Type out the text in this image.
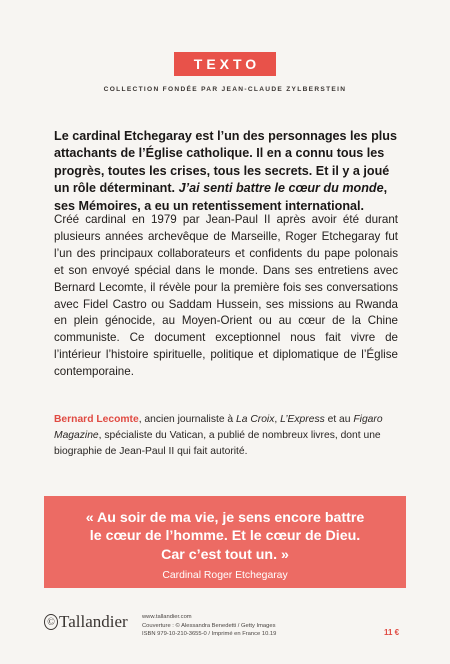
TEXTO
COLLECTION FONDÉE PAR JEAN-CLAUDE ZYLBERSTEIN

Le cardinal Etchegaray est l’un des personnages les plus attachants de l’Église catholique. Il en a connu tous les progrès, toutes les crises, tous les secrets. Et il y a joué un rôle déterminant. J’ai senti battre le cœur du monde, ses Mémoires, a eu un retentissement international.

Créé cardinal en 1979 par Jean-Paul II après avoir été durant plusieurs années archevêque de Marseille, Roger Etchegaray fut l’un des principaux collaborateurs et confidents du pape polonais et son envoyé spécial dans le monde. Dans ses entretiens avec Bernard Lecomte, il révèle pour la première fois ses conversations avec Fidel Castro ou Saddam Hussein, ses missions au Rwanda en plein génocide, au Moyen-Orient ou au cœur de la Chine communiste. Ce document exceptionnel nous fait vivre de l’intérieur l’histoire spirituelle, politique et diplomatique de l’Église contemporaine.

Bernard Lecomte, ancien journaliste à La Croix, L’Express et au Figaro Magazine, spécialiste du Vatican, a publié de nombreux livres, dont une biographie de Jean-Paul II qui fait autorité.

« Au soir de ma vie, je sens encore battre
le cœur de l’homme. Et le cœur de Dieu.
Car c’est tout un. »
Cardinal Roger Etchegaray
© Tallandier www.tallandier.com
Couverture : © Alessandra Benedetti / Getty Images
ISBN 979-10-210-3655-0 / Imprimé en France 10.19	11 €
